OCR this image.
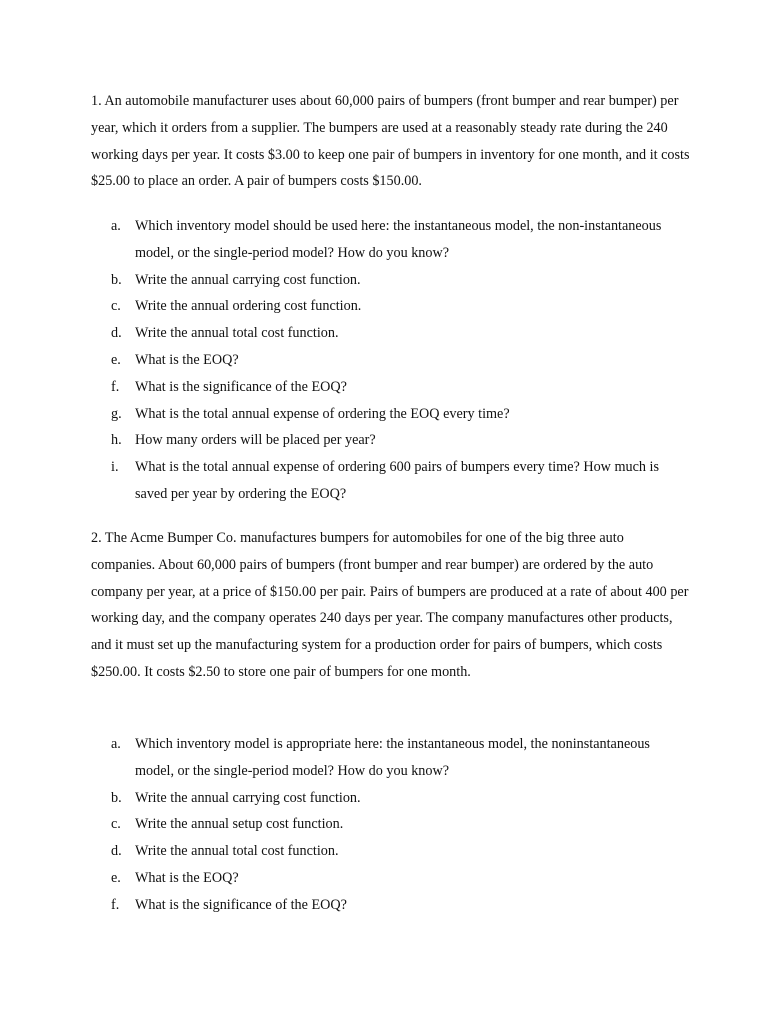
1. An automobile manufacturer uses about 60,000 pairs of bumpers (front bumper and rear bumper) per year, which it orders from a supplier. The bumpers are used at a reasonably steady rate during the 240 working days per year. It costs $3.00 to keep one pair of bumpers in inventory for one month, and it costs $25.00 to place an order. A pair of bumpers costs $150.00.

a. Which inventory model should be used here: the instantaneous model, the non-instantaneous model, or the single-period model? How do you know?
b. Write the annual carrying cost function.
c. Write the annual ordering cost function.
d. Write the annual total cost function.
e. What is the EOQ?
f. What is the significance of the EOQ?
g. What is the total annual expense of ordering the EOQ every time?
h. How many orders will be placed per year?
i. What is the total annual expense of ordering 600 pairs of bumpers every time? How much is saved per year by ordering the EOQ?

2. The Acme Bumper Co. manufactures bumpers for automobiles for one of the big three auto companies. About 60,000 pairs of bumpers (front bumper and rear bumper) are ordered by the auto company per year, at a price of $150.00 per pair. Pairs of bumpers are produced at a rate of about 400 per working day, and the company operates 240 days per year. The company manufactures other products, and it must set up the manufacturing system for a production order for pairs of bumpers, which costs $250.00. It costs $2.50 to store one pair of bumpers for one month.

a. Which inventory model is appropriate here: the instantaneous model, the noninstantaneous model, or the single-period model? How do you know?
b. Write the annual carrying cost function.
c. Write the annual setup cost function.
d. Write the annual total cost function.
e. What is the EOQ?
f. What is the significance of the EOQ?
